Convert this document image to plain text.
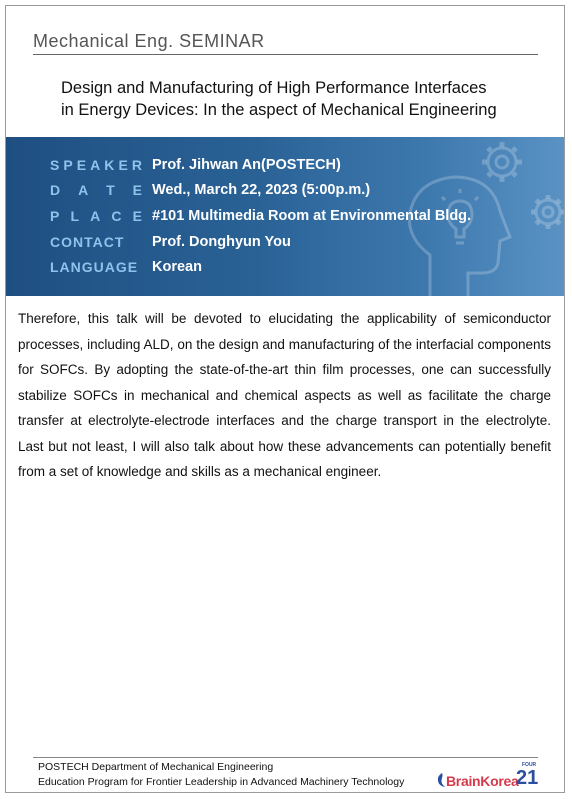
Mechanical Eng. SEMINAR
Design and Manufacturing of High Performance Interfaces
in Energy Devices: In the aspect of Mechanical Engineering
S P E A K E R Prof. Jihwan An(POSTECH)
D A T E Wed., March 22, 2023 (5:00p.m.)
P L A C E #101 Multimedia Room at Environmental Bldg.
CONTACT	Prof. Donghyun You
LANGUAGE Korean
Therefore, this talk will be devoted to elucidating the applicability of semiconductor processes, including ALD, on the design and manufacturing of the interfacial components for SOFCs. By adopting the state-of-the-art thin film processes, one can successfully stabilize SOFCs in mechanical and chemical aspects as well as facilitate the charge transfer at electrolyte-electrode interfaces and the charge transport in the electrolyte. Last but not least, I will also talk about how these advancements can potentially benefit from a set of knowledge and skills as a mechanical engineer.
POSTECH Department of Mechanical Engineering
Education Program for Frontier Leadership in Advanced Machinery Technology	BrainKorea
FOUR
21
